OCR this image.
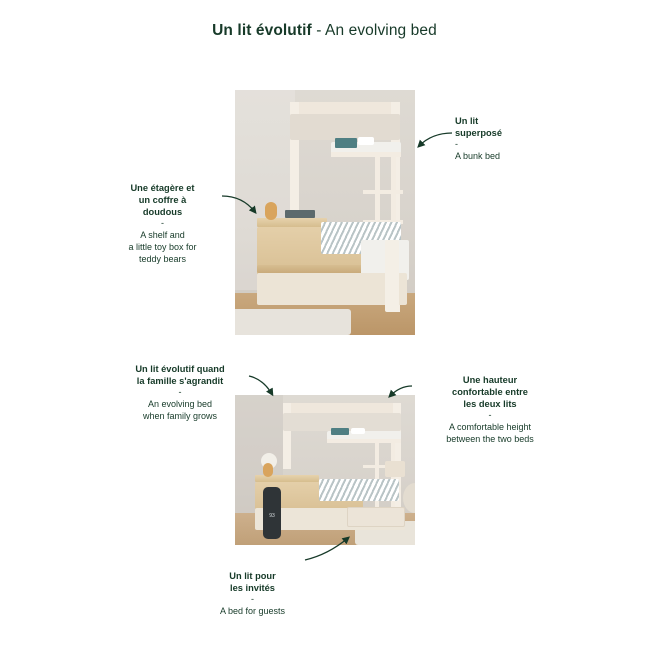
Un lit évolutif - An evolving bed
93
Un lit
superposé
-
A bunk bed
Une étagère et
un coffre à
doudous
-
A shelf and
a little toy box for
teddy bears
Un lit évolutif quand
la famille s'agrandit
-
An evolving bed
when family grows
Une hauteur
confortable entre
les deux lits
-
A comfortable height
between the two beds
Un lit pour
les invités
-
A bed for guests
